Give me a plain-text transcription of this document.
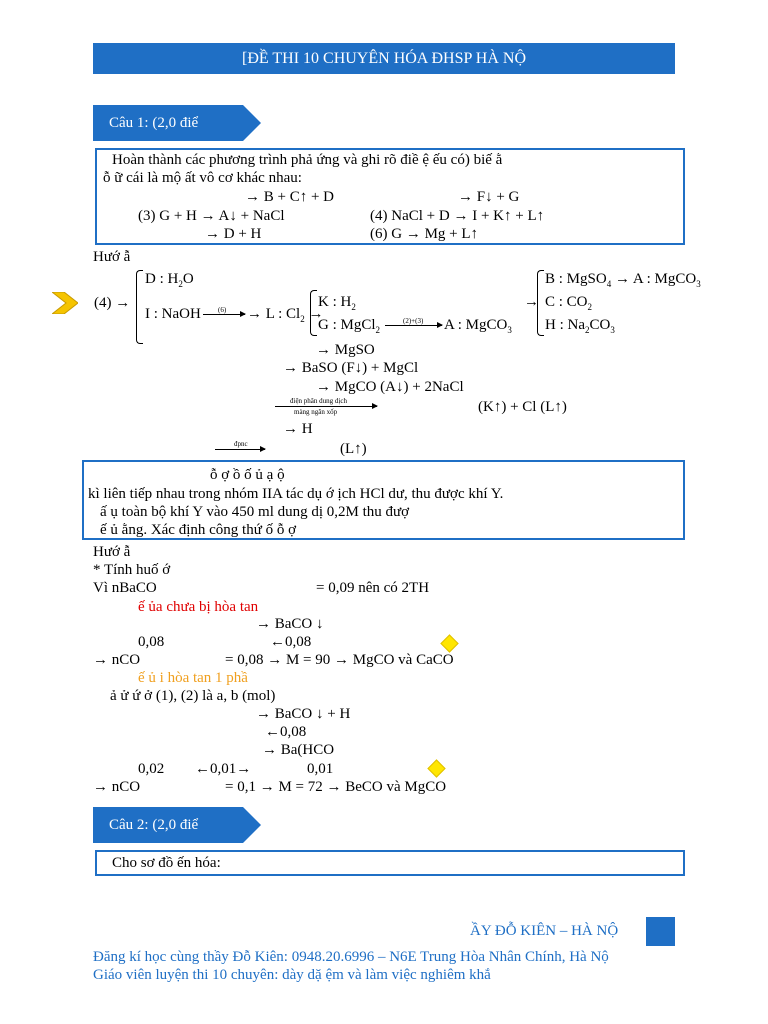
[ĐỀ THI 10 CHUYÊN HÓA ĐHSP HÀ NỘ
Câu 1: (2,0 điể
Hoàn thành các phương trình phả ứng và ghi rõ điề ệ ếu có) biế ằ
ỗ ữ cái là mộ ất vô cơ khác nhau:
→ B + C↑ + D	→ F↓ + G
(3) G + H → A↓ + NaCl	(4) NaCl + D → I + K↑ + L↑
→ D + H	(6) G → Mg + L↑
Hướ ẫ
(4) →
D : $H_2O$
I : NaOH (6) → L : $Cl_2$ →
K : $H_2$
G : MgCl$_2$
(2)+(3) A : MgCO$_3$
→
B : MgSO$_4$ → A : MgCO$_3$
C : $CO_2$
H : $Na_2CO_3$
→ MgSO
→ BaSO (F↓) + MgCl
→ MgCO (A↓) + 2NaCl
điện phân dung dịch
màng ngăn xốp	(K↑) + Cl (L↑)
→ H
đpnc	(L↑)
ỗ ợ ồ ố ủ ạ ộ
kì liên tiếp nhau trong nhóm IIA tác dụ ớ ịch HCl dư, thu được khí Y.
ấ ụ toàn bộ khí Y vào 450 ml dung dị 0,2M thu đượ
ế ủ ằng. Xác định công thứ ố ỗ ợ
Hướ ẫ
* Tính huố ớ
Vì nBaCO	= 0,09 nên có 2TH
ế ủa chưa bị hòa tan
→ BaCO ↓
0,08	←0,08
→ nCO	= 0,08 → M = 90 → MgCO và CaCO
ế ủ i hòa tan 1 phầ
ả ử ứ ở (1), (2) là a, b (mol)
→ BaCO ↓ + H
←0,08
→ Ba(HCO
0,02 ←0,01→	0,01
→ nCO	= 0,1 → M = 72 → BeCO và MgCO
Câu 2: (2,0 điể
Cho sơ đồ ến hóa:
ẦY ĐỖ KIÊN – HÀ NỘ
Đăng kí học cùng thầy Đỗ Kiên: 0948.20.6996 – N6E Trung Hòa Nhân Chính, Hà Nộ
Giáo viên luyện thi 10 chuyên: dày dặ ệm và làm việc nghiêm khắ
